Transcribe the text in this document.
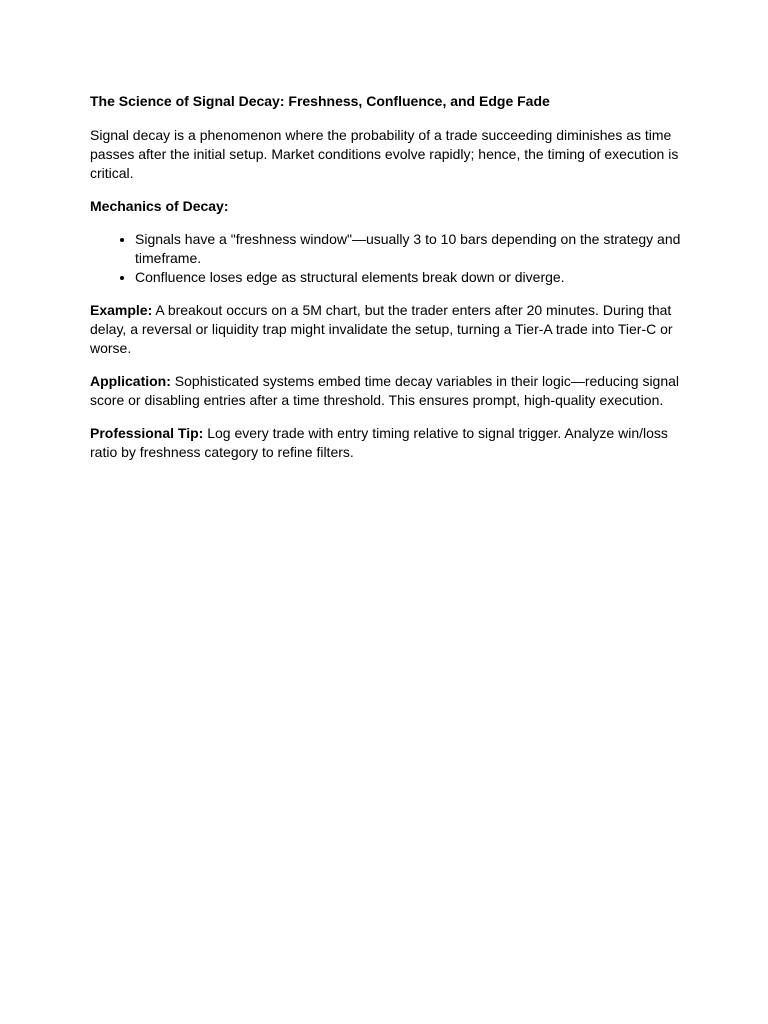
The Science of Signal Decay: Freshness, Confluence, and Edge Fade

Signal decay is a phenomenon where the probability of a trade succeeding diminishes as time passes after the initial setup. Market conditions evolve rapidly; hence, the timing of execution is critical.

Mechanics of Decay:
• Signals have a "freshness window"—usually 3 to 10 bars depending on the strategy and timeframe.
• Confluence loses edge as structural elements break down or diverge.

Example: A breakout occurs on a 5M chart, but the trader enters after 20 minutes. During that delay, a reversal or liquidity trap might invalidate the setup, turning a Tier-A trade into Tier-C or worse.

Application: Sophisticated systems embed time decay variables in their logic—reducing signal score or disabling entries after a time threshold. This ensures prompt, high-quality execution.

Professional Tip: Log every trade with entry timing relative to signal trigger. Analyze win/loss ratio by freshness category to refine filters.
